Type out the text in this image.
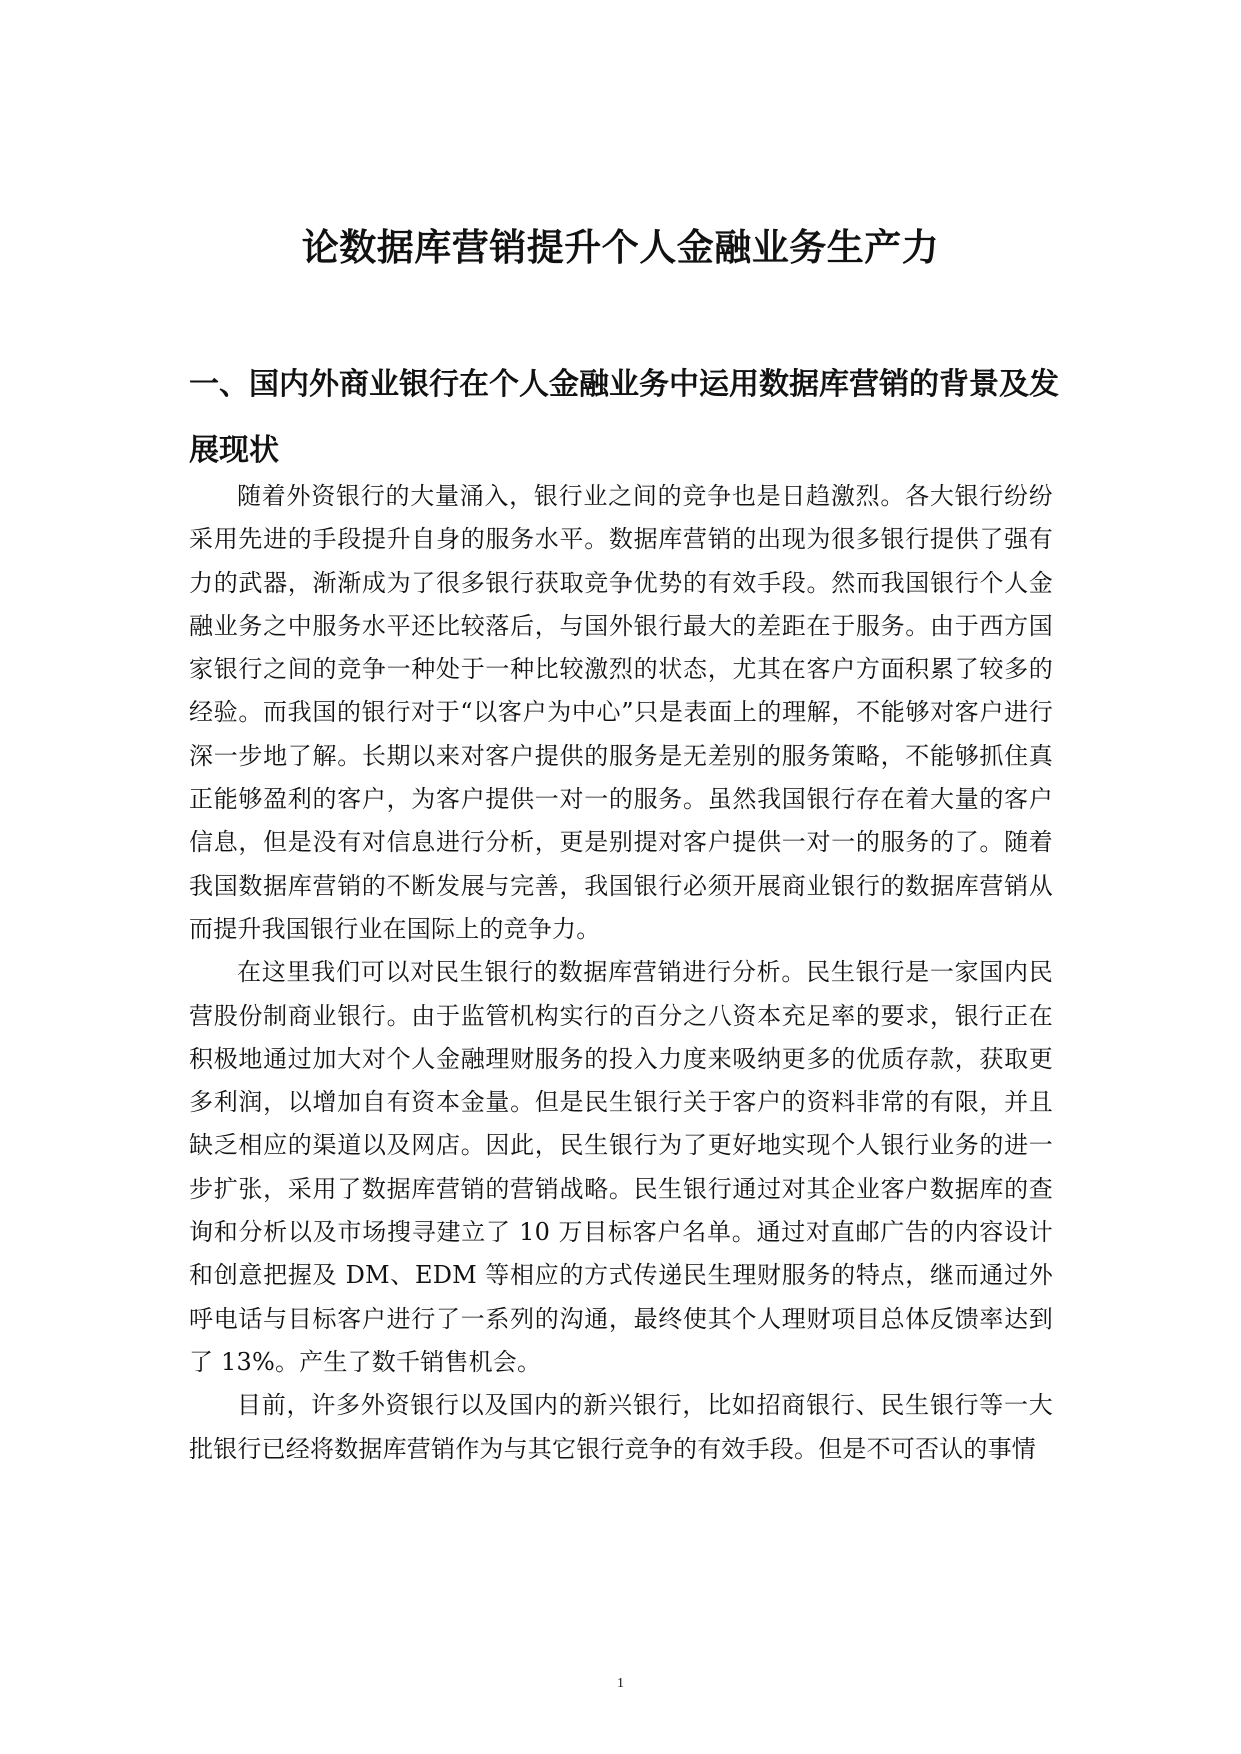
论数据库营销提升个人金融业务生产力
一、国内外商业银行在个人金融业务中运用数据库营销的背景及发展现状

随着外资银行的大量涌入，银行业之间的竞争也是日趋激烈。各大银行纷纷采用先进的手段提升自身的服务水平。数据库营销的出现为很多银行提供了强有力的武器，渐渐成为了很多银行获取竞争优势的有效手段。然而我国银行个人金融业务之中服务水平还比较落后，与国外银行最大的差距在于服务。由于西方国家银行之间的竞争一种处于一种比较激烈的状态，尤其在客户方面积累了较多的经验。而我国的银行对于“以客户为中心”只是表面上的理解，不能够对客户进行深一步地了解。长期以来对客户提供的服务是无差别的服务策略，不能够抓住真正能够盈利的客户，为客户提供一对一的服务。虽然我国银行存在着大量的客户信息，但是没有对信息进行分析，更是别提对客户提供一对一的服务的了。随着我国数据库营销的不断发展与完善，我国银行必须开展商业银行的数据库营销从而提升我国银行业在国际上的竞争力。

在这里我们可以对民生银行的数据库营销进行分析。民生银行是一家国内民营股份制商业银行。由于监管机构实行的百分之八资本充足率的要求，银行正在积极地通过加大对个人金融理财服务的投入力度来吸纳更多的优质存款，获取更多利润，以增加自有资本金量。但是民生银行关于客户的资料非常的有限，并且缺乏相应的渠道以及网店。因此，民生银行为了更好地实现个人银行业务的进一步扩张，采用了数据库营销的营销战略。民生银行通过对其企业客户数据库的查询和分析以及市场搜寻建立了 10 万目标客户名单。通过对直邮广告的内容设计和创意把握及 DM、EDM 等相应的方式传递民生理财服务的特点，继而通过外呼电话与目标客户进行了一系列的沟通，最终使其个人理财项目总体反馈率达到了 13%。产生了数千销售机会。

目前，许多外资银行以及国内的新兴银行，比如招商银行、民生银行等一大批银行已经将数据库营销作为与其它银行竞争的有效手段。但是不可否认的事情

1
